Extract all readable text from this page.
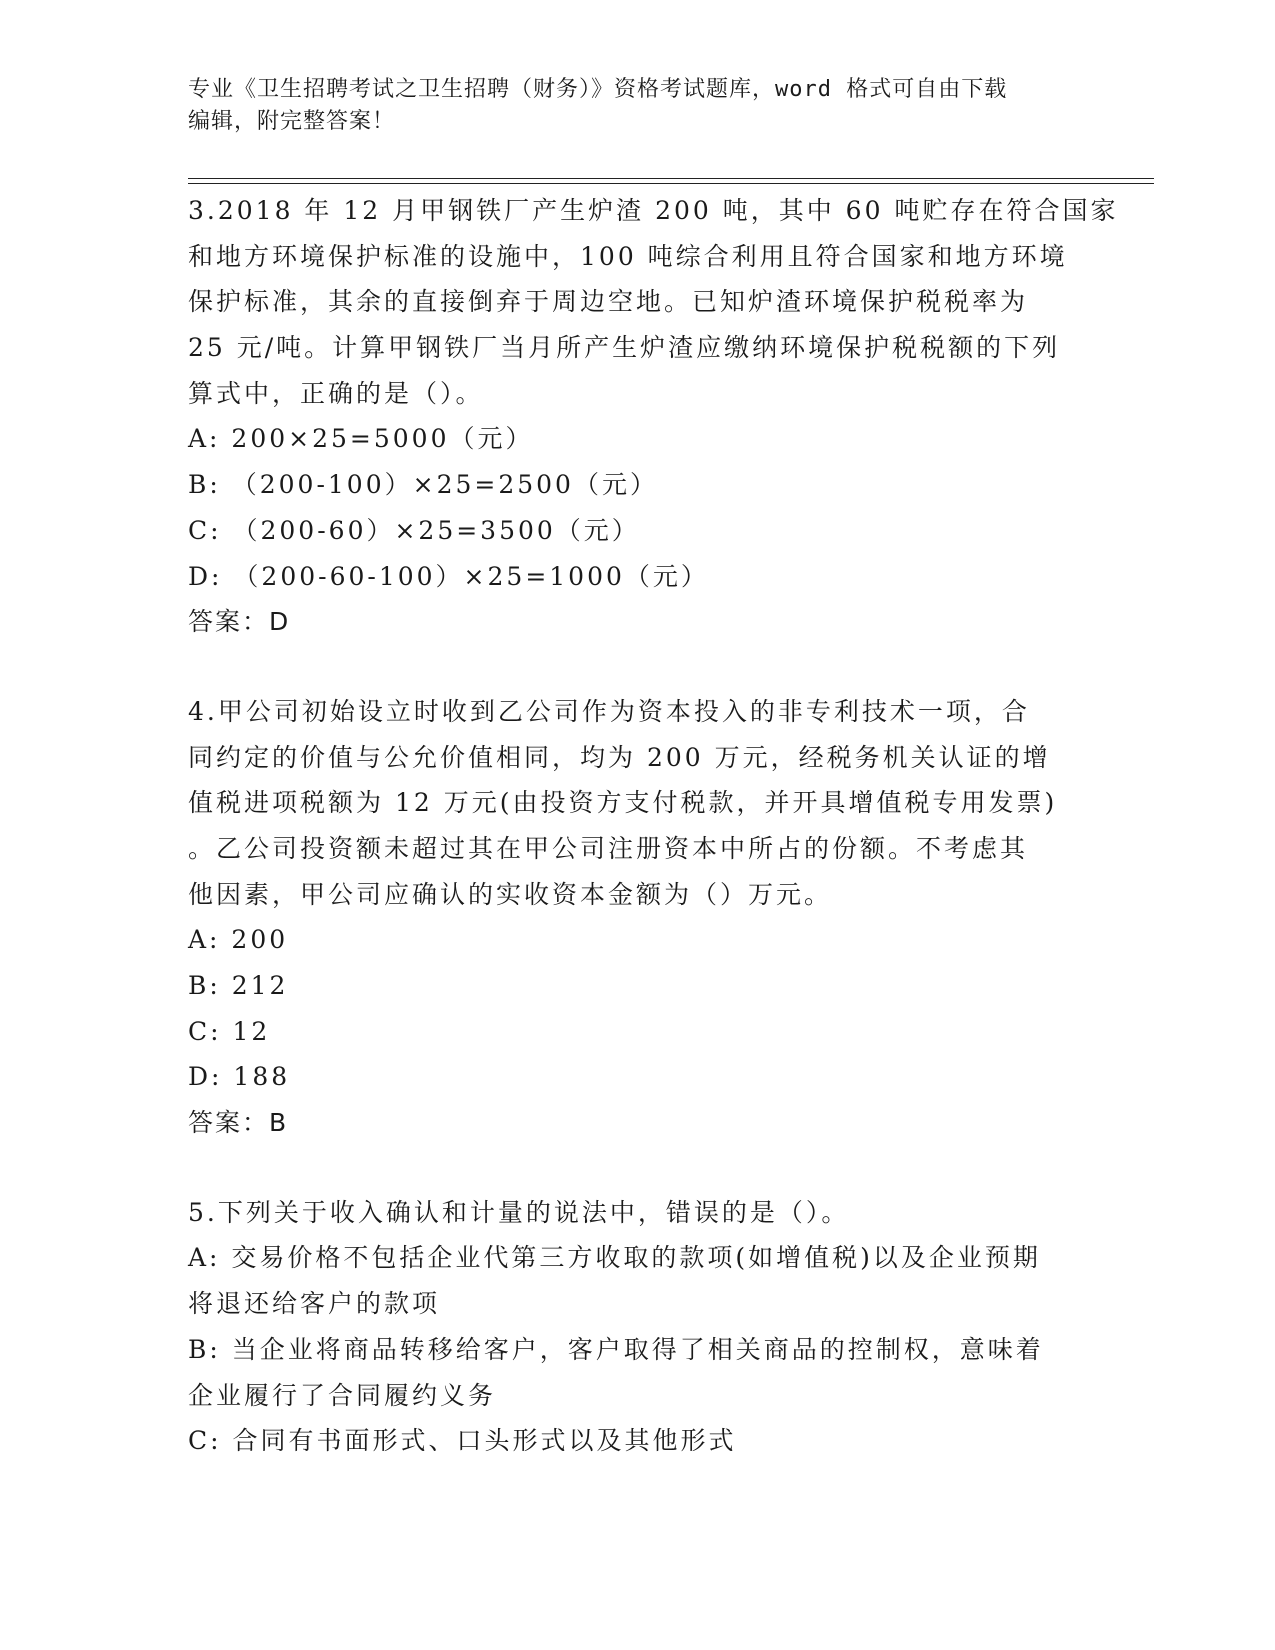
专业《卫生招聘考试之卫生招聘（财务）》资格考试题库，word 格式可自由下载
编辑，附完整答案！
3.2018 年 12 月甲钢铁厂产生炉渣 200 吨，其中 60 吨贮存在符合国家
和地方环境保护标准的设施中，100 吨综合利用且符合国家和地方环境
保护标准，其余的直接倒弃于周边空地。已知炉渣环境保护税税率为
25 元/吨。计算甲钢铁厂当月所产生炉渣应缴纳环境保护税税额的下列
算式中，正确的是（）。
A: 200×25=5000（元）
B: （200-100）×25=2500（元）
C: （200-60）×25=3500（元）
D: （200-60-100）×25=1000（元）
答案：D
4.甲公司初始设立时收到乙公司作为资本投入的非专利技术一项，合
同约定的价值与公允价值相同，均为 200 万元，经税务机关认证的增
值税进项税额为 12 万元(由投资方支付税款，并开具增值税专用发票)
。乙公司投资额未超过其在甲公司注册资本中所占的份额。不考虑其
他因素，甲公司应确认的实收资本金额为（）万元。
A: 200
B: 212
C: 12
D: 188
答案：B
5.下列关于收入确认和计量的说法中，错误的是（）。
A: 交易价格不包括企业代第三方收取的款项(如增值税)以及企业预期
将退还给客户的款项
B: 当企业将商品转移给客户，客户取得了相关商品的控制权，意味着
企业履行了合同履约义务
C: 合同有书面形式、口头形式以及其他形式
